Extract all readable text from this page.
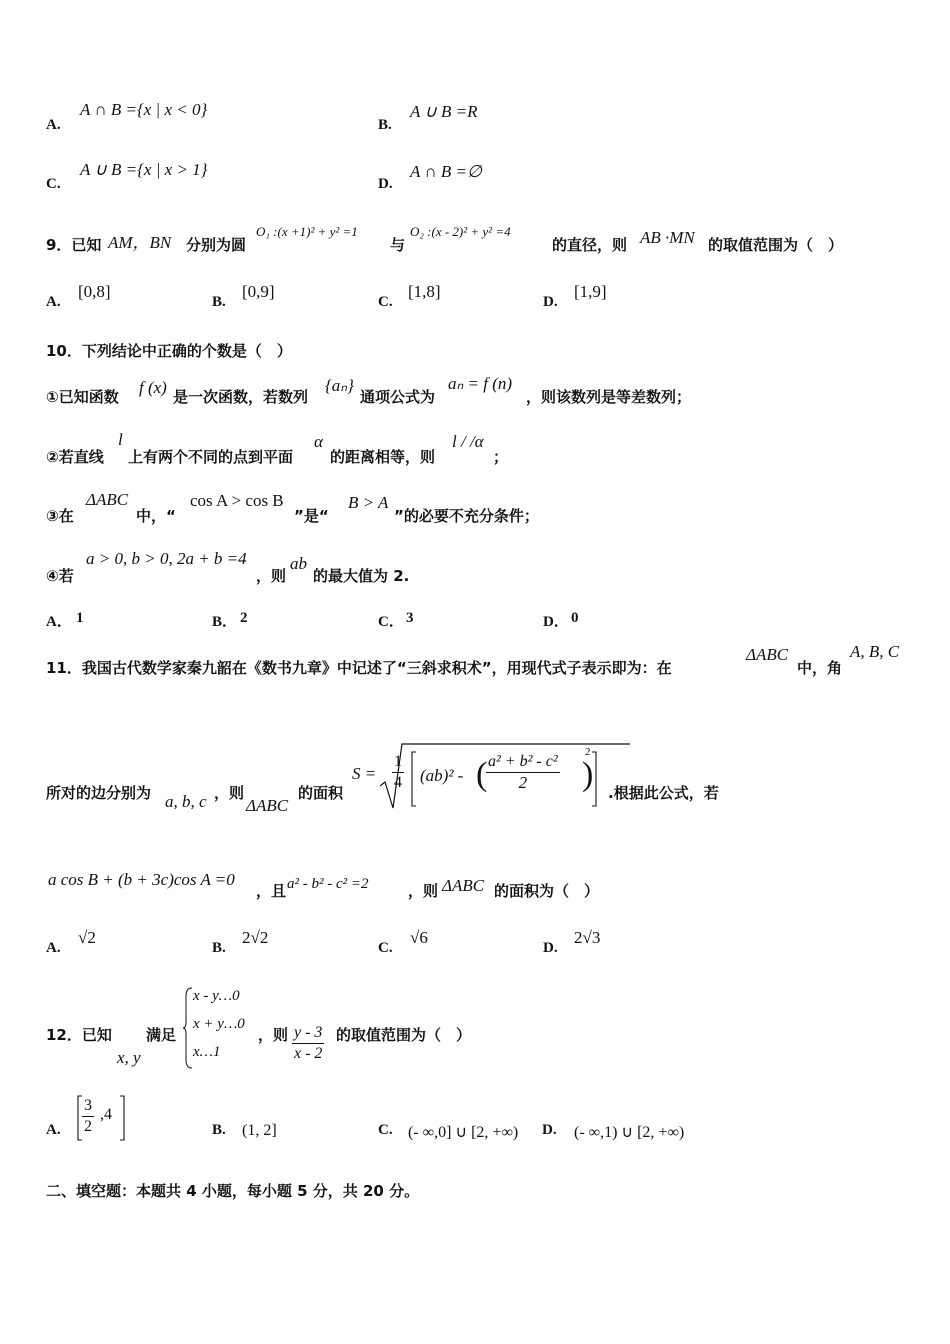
A.
A ∩ B ={x | x < 0}
B.
A ∪ B =R
C.
A ∪ B ={x | x > 1}
D.
A ∩ B =∅
9．已知 AM，BN 分别为圆
O₁ :(x +1)² + y² =1
与
O₂ :(x - 2)² + y² =4
的直径，则 AB ·MN 的取值范围为（　）
A.
[0,8]
B.
[0,9]
C.
[1,8]
D.
[1,9]
10．下列结论中正确的个数是（　）
①已知函数 f (x) 是一次函数，若数列
{aₙ}
通项公式为
aₙ = f (n)
，则该数列是等差数列；
②若直线
l
上有两个不同的点到平面
α
的距离相等，则
l / /α
；
③在
ΔABC
中，“
cos A > cos B
”是“
B > A
”的必要不充分条件；
④若
a > 0, b > 0, 2a + b =4
，则
ab
的最大值为 2.
A． 1	B． 2	C． 3	D． 0
11．我国古代数学家秦九韶在《数书九章》中记述了“三斜求积术”，用现代式子表示即为：在
ΔABC
中，角
A, B, C
所对的边分别为 a, b, c ，则
ΔABC
的面积
$S = \frac{1}{4} (ab)^2$ - (
$\frac{\text{a² + b² - c²}}{2}$ )
2
.根据此公式，若
a cos B + (b + 3c)cos A =0
，且 a² - b² - c² =2	，则 ΔABC 的面积为（　）
A.
√2
B.
2√2
C.
√6
D.
2√3
12．已知
x, y
满足
x - y…0
x + y…0
x…1
，则 $\frac{y - 3}{x - 2}$ 的取值范围为（　）
A. $\frac{3}{2} ,4$
B. (1, 2]	C. (- ∞,0] ∪ [2, +∞) D. (- ∞,1) ∪ [2, +∞)
二、填空题：本题共 4 小题，每小题 5 分，共 20 分。
